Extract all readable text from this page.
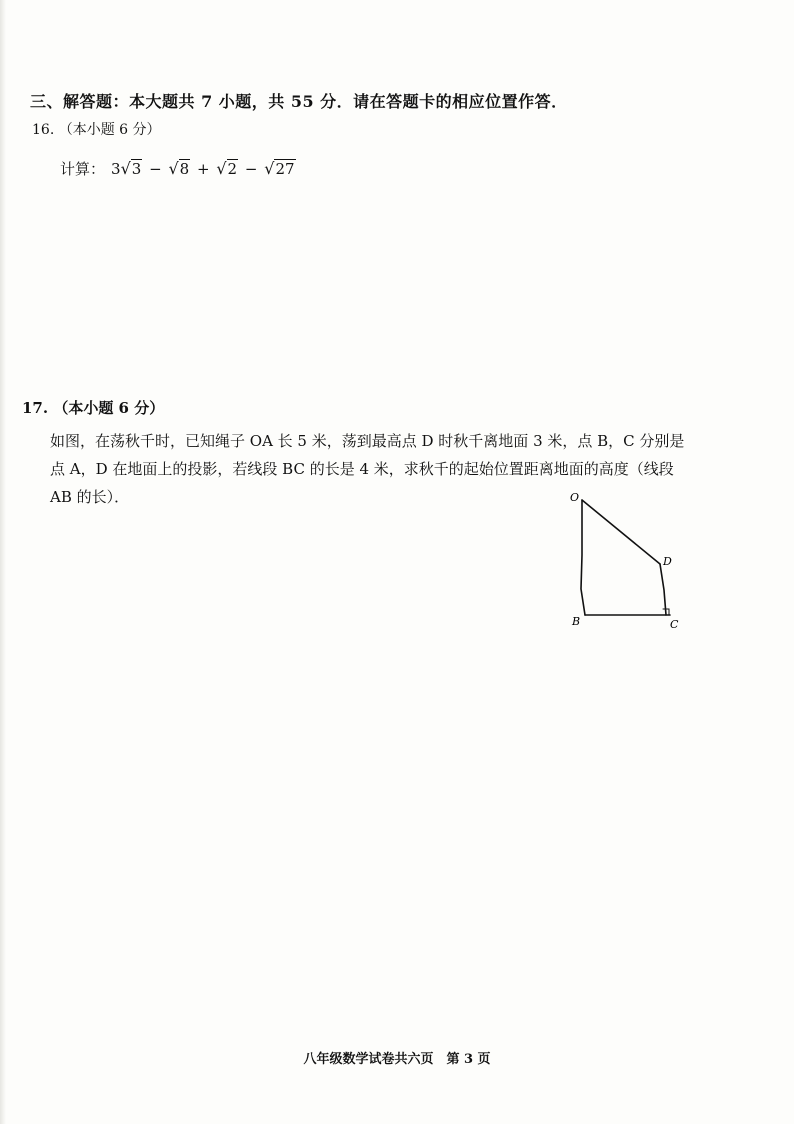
三、解答题：本大题共 7 小题，共 55 分．请在答题卡的相应位置作答．
16. （本小题 6 分）
计算： 3√3 − √8 + √2 − √27
17. （本小题 6 分）

如图，在荡秋千时，已知绳子 OA 长 5 米，荡到最高点 D 时秋千离地面 3 米，点 B，C 分别是点 A，D 在地面上的投影，若线段 BC 的长是 4 米，求秋千的起始位置距离地面的高度（线段 AB 的长）．	O
D
B	C
八年级数学试卷共六页　第 3 页
